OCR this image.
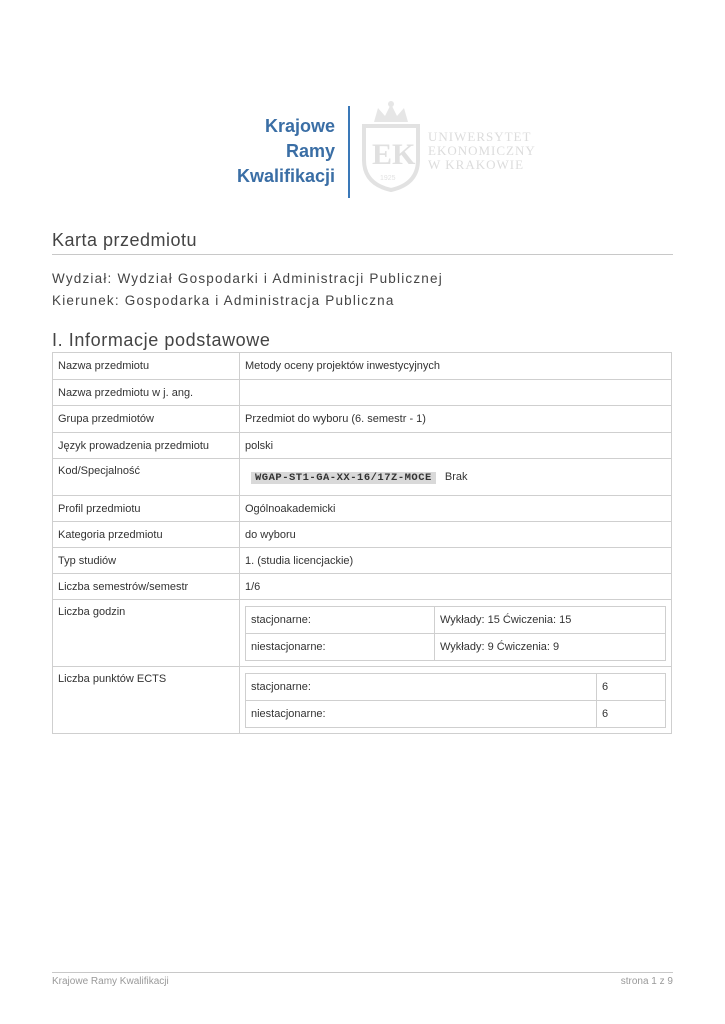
Krajowe
Ramy
Kwalifikacji
EK
1925
UNIWERSYTET
EKONOMICZNY
W KRAKOWIE
Karta przedmiotu
Wydział: Wydział Gospodarki i Administracji Publicznej
Kierunek: Gospodarka i Administracja Publiczna
I. Informacje podstawowe
Nazwa przedmiotu	Metody oceny projektów inwestycyjnych
Nazwa przedmiotu w j. ang.	
Grupa przedmiotów	Przedmiot do wyboru (6. semestr - 1)
Język prowadzenia przedmiotu	polski
Kod/Specjalność	WGAP-ST1-GA-XX-16/17Z-MOCE Brak
Profil przedmiotu	Ogólnoakademicki
Kategoria przedmiotu	do wyboru
Typ studiów	1. (studia licencjackie)
Liczba semestrów/semestr	1/6
Liczba godzin	
stacjonarne:	Wykłady: 15 Ćwiczenia: 15
niestacjonarne:	Wykłady: 9 Ćwiczenia: 9

Liczba punktów ECTS	
stacjonarne:	6
niestacjonarne:	6
Krajowe Ramy Kwalifikacji	strona 1 z 9
